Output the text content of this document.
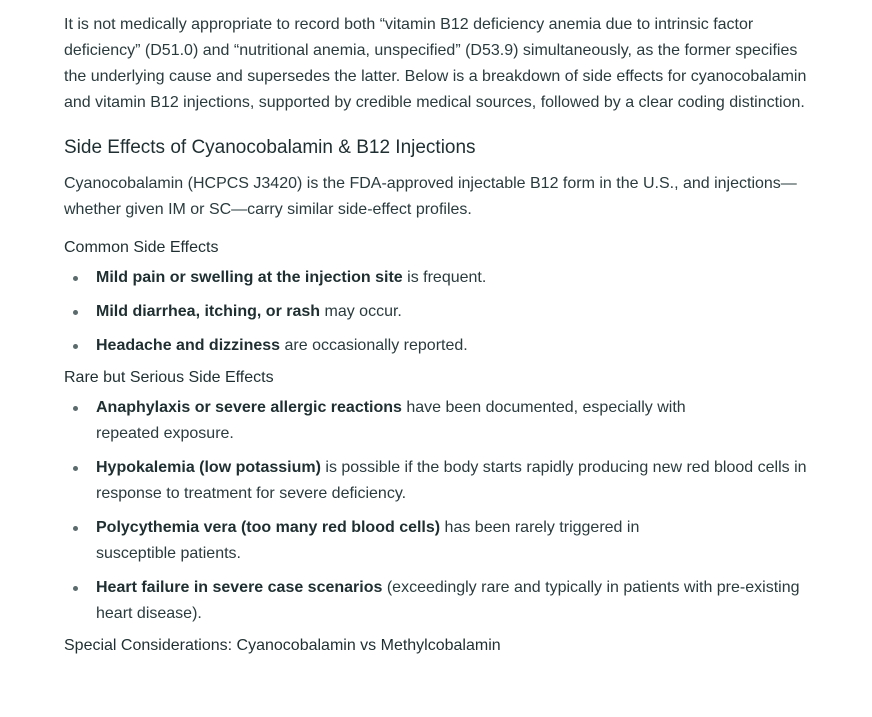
It is not medically appropriate to record both “vitamin B12 deficiency anemia due to intrinsic factor deficiency” (D51.0) and “nutritional anemia, unspecified” (D53.9) simultaneously, as the former specifies the underlying cause and supersedes the latter. Below is a breakdown of side effects for cyanocobalamin and vitamin B12 injections, supported by credible medical sources, followed by a clear coding distinction.

Side Effects of Cyanocobalamin & B12 Injections

Cyanocobalamin (HCPCS J3420) is the FDA-approved injectable B12 form in the U.S., and injections—whether given IM or SC—carry similar side-effect profiles.

Common Side Effects
Mild pain or swelling at the injection site is frequent.
Mild diarrhea, itching, or rash may occur.
Headache and dizziness are occasionally reported.
Rare but Serious Side Effects
Anaphylaxis or severe allergic reactions have been documented, especially with repeated exposure.
Hypokalemia (low potassium) is possible if the body starts rapidly producing new red blood cells in response to treatment for severe deficiency.
Polycythemia vera (too many red blood cells) has been rarely triggered in susceptible patients.
Heart failure in severe case scenarios (exceedingly rare and typically in patients with pre-existing heart disease).
Special Considerations: Cyanocobalamin vs Methylcobalamin
